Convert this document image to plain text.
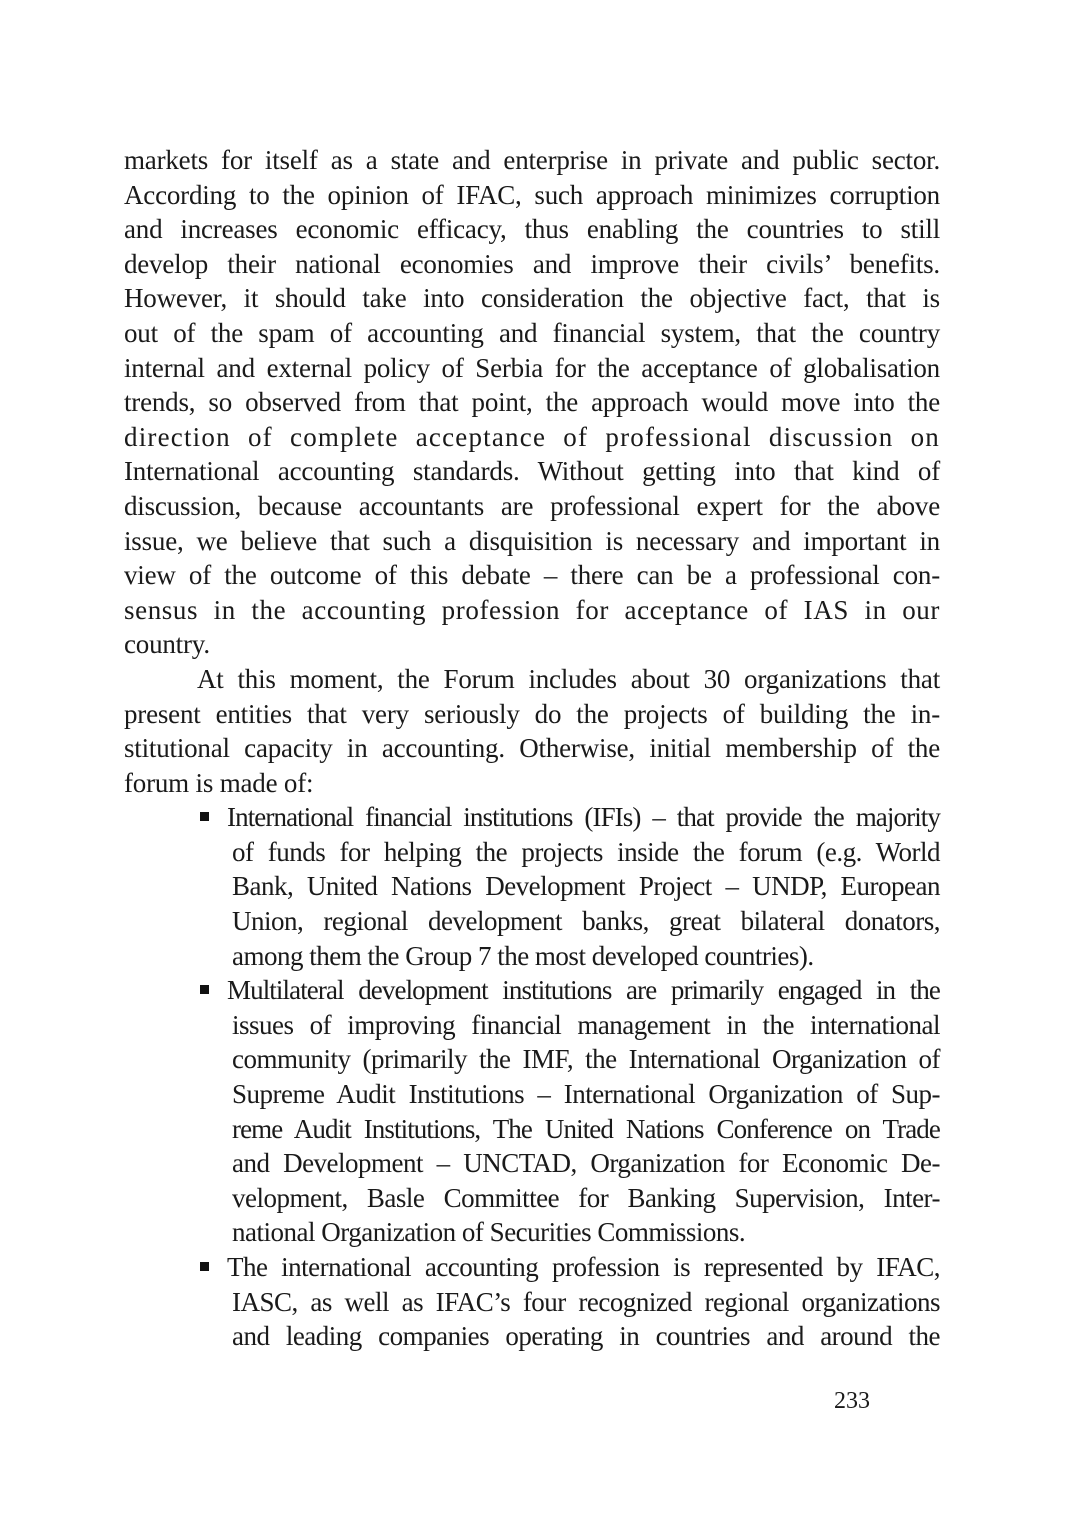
markets for itself as a state and enterprise in private and public sector.
According to the opinion of IFAC, such approach minimizes corruption
and increases economic efficacy, thus enabling the countries to still
develop their national economies and improve their civils’ benefits.
However, it should take into consideration the objective fact, that is
out of the spam of accounting and financial system, that the country
internal and external policy of Serbia for the acceptance of globalisation
trends, so observed from that point, the approach would move into the
direction of complete acceptance of professional discussion on
International accounting standards. Without getting into that kind of
discussion, because accountants are professional expert for the above
issue, we believe that such a disquisition is necessary and important in
view of the outcome of this debate – there can be a professional con-
sensus in the accounting profession for acceptance of IAS in our
country.
At this moment, the Forum includes about 30 organizations that
present entities that very seriously do the projects of building the in-
stitutional capacity in accounting. Otherwise, initial membership of the
forum is made of:
International financial institutions (IFIs) – that provide the majority
of funds for helping the projects inside the forum (e.g. World
Bank, United Nations Development Project – UNDP, European
Union, regional development banks, great bilateral donators,
among them the Group 7 the most developed countries).
Multilateral development institutions are primarily engaged in the
issues of improving financial management in the international
community (primarily the IMF, the International Organization of
Supreme Audit Institutions – International Organization of Sup-
reme Audit Institutions, The United Nations Conference on Trade
and Development – UNCTAD, Organization for Economic De-
velopment, Basle Committee for Banking Supervision, Inter-
national Organization of Securities Commissions.
The international accounting profession is represented by IFAC,
IASC, as well as IFAC’s four recognized regional organizations
and leading companies operating in countries and around the
233
